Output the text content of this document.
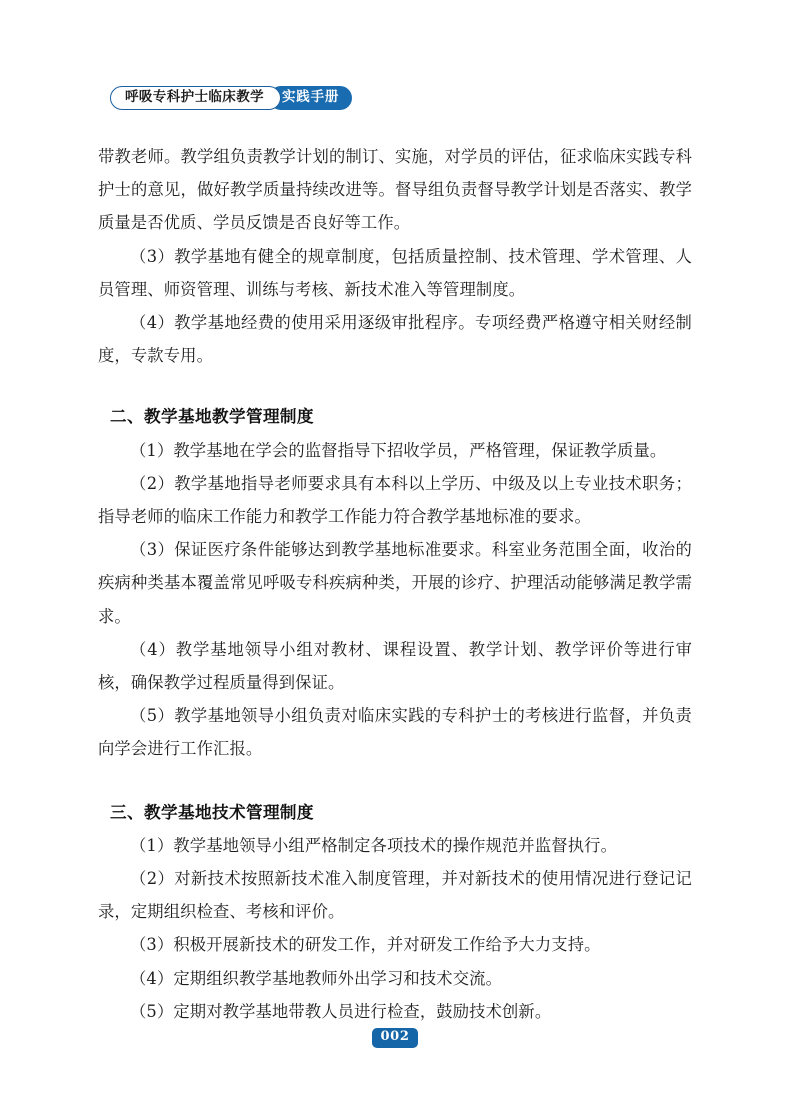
呼吸专科护士临床教学 实践手册

带教老师。教学组负责教学计划的制订、实施，对学员的评估，征求临床实践专科护士的意见，做好教学质量持续改进等。督导组负责督导教学计划是否落实、教学质量是否优质、学员反馈是否良好等工作。

（3）教学基地有健全的规章制度，包括质量控制、技术管理、学术管理、人员管理、师资管理、训练与考核、新技术准入等管理制度。

（4）教学基地经费的使用采用逐级审批程序。专项经费严格遵守相关财经制度，专款专用。

二、教学基地教学管理制度

（1）教学基地在学会的监督指导下招收学员，严格管理，保证教学质量。

（2）教学基地指导老师要求具有本科以上学历、中级及以上专业技术职务；指导老师的临床工作能力和教学工作能力符合教学基地标准的要求。

（3）保证医疗条件能够达到教学基地标准要求。科室业务范围全面，收治的疾病种类基本覆盖常见呼吸专科疾病种类，开展的诊疗、护理活动能够满足教学需求。

（4）教学基地领导小组对教材、课程设置、教学计划、教学评价等进行审核，确保教学过程质量得到保证。

（5）教学基地领导小组负责对临床实践的专科护士的考核进行监督，并负责向学会进行工作汇报。

三、教学基地技术管理制度

（1）教学基地领导小组严格制定各项技术的操作规范并监督执行。

（2）对新技术按照新技术准入制度管理，并对新技术的使用情况进行登记记录，定期组织检查、考核和评价。

（3）积极开展新技术的研发工作，并对研发工作给予大力支持。

（4）定期组织教学基地教师外出学习和技术交流。

（5）定期对教学基地带教人员进行检查，鼓励技术创新。

002
